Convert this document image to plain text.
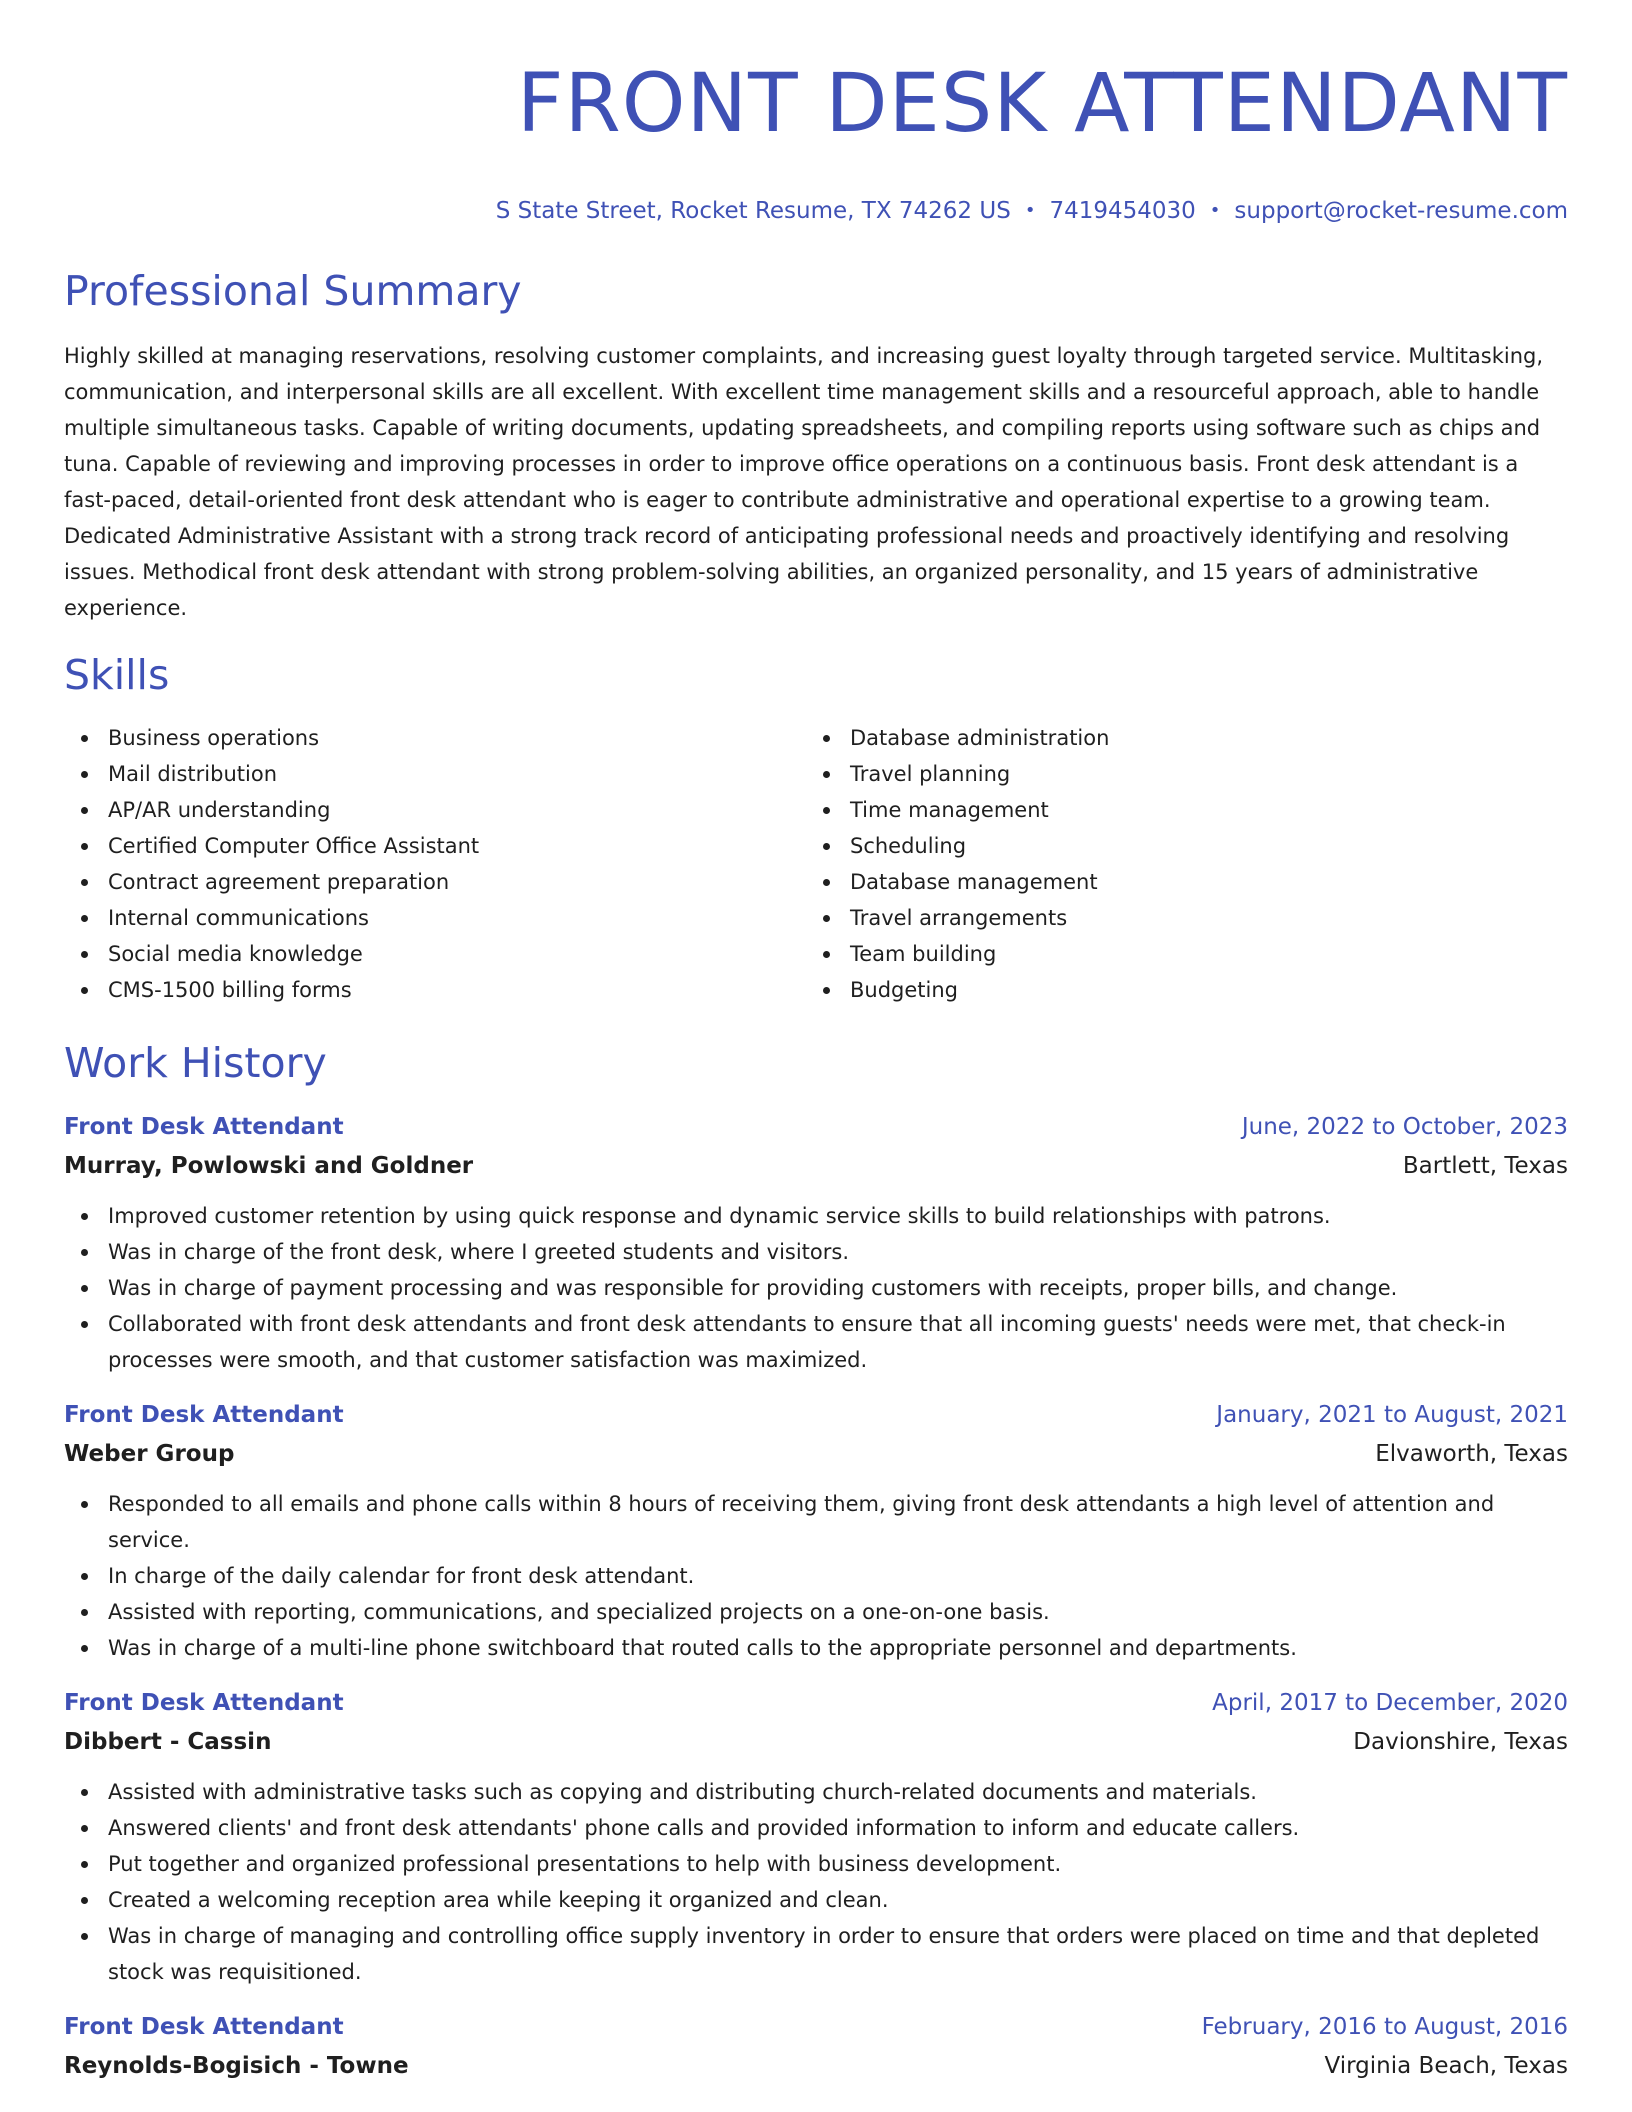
FRONT DESK ATTENDANT
S State Street, Rocket Resume, TX 74262 US • 7419454030 • support@rocket-resume.com
Professional Summary

Highly skilled at managing reservations, resolving customer complaints, and increasing guest loyalty through targeted service. Multitasking, communication, and interpersonal skills are all excellent. With excellent time management skills and a resourceful approach, able to handle multiple simultaneous tasks. Capable of writing documents, updating spreadsheets, and compiling reports using software such as chips and tuna. Capable of reviewing and improving processes in order to improve office operations on a continuous basis. Front desk attendant is a fast-paced, detail-oriented front desk attendant who is eager to contribute administrative and operational expertise to a growing team. Dedicated Administrative Assistant with a strong track record of anticipating professional needs and proactively identifying and resolving issues. Methodical front desk attendant with strong problem-solving abilities, an organized personality, and 15 years of administrative experience.

Skills
Business operations
Mail distribution
AP/AR understanding
Certified Computer Office Assistant
Contract agreement preparation
Internal communications
Social media knowledge
CMS-1500 billing forms
Database administration
Travel planning
Time management
Scheduling
Database management
Travel arrangements
Team building
Budgeting
Work History
Front Desk Attendant	June, 2022 to October, 2023
Murray, Powlowski and Goldner	Bartlett, Texas
Improved customer retention by using quick response and dynamic service skills to build relationships with patrons.
Was in charge of the front desk, where I greeted students and visitors.
Was in charge of payment processing and was responsible for providing customers with receipts, proper bills, and change.
Collaborated with front desk attendants and front desk attendants to ensure that all incoming guests' needs were met, that check-in processes were smooth, and that customer satisfaction was maximized.
Front Desk Attendant	January, 2021 to August, 2021
Weber Group	Elvaworth, Texas
Responded to all emails and phone calls within 8 hours of receiving them, giving front desk attendants a high level of attention and service.
In charge of the daily calendar for front desk attendant.
Assisted with reporting, communications, and specialized projects on a one-on-one basis.
Was in charge of a multi-line phone switchboard that routed calls to the appropriate personnel and departments.
Front Desk Attendant	April, 2017 to December, 2020
Dibbert - Cassin	Davionshire, Texas
Assisted with administrative tasks such as copying and distributing church-related documents and materials.
Answered clients' and front desk attendants' phone calls and provided information to inform and educate callers.
Put together and organized professional presentations to help with business development.
Created a welcoming reception area while keeping it organized and clean.
Was in charge of managing and controlling office supply inventory in order to ensure that orders were placed on time and that depleted stock was requisitioned.
Front Desk Attendant	February, 2016 to August, 2016
Reynolds-Bogisich - Towne	Virginia Beach, Texas
